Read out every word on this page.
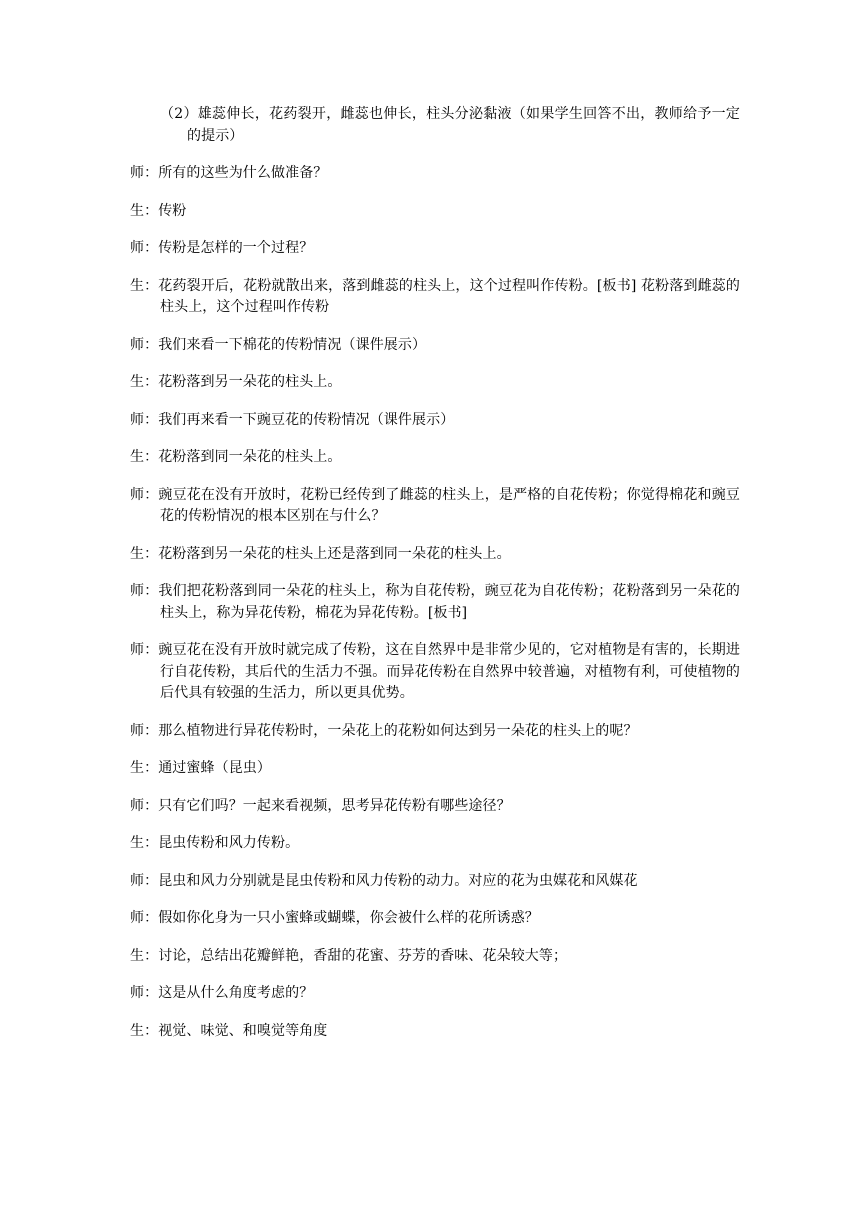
（2）雄蕊伸长，花药裂开，雌蕊也伸长，柱头分泌黏液（如果学生回答不出，教师给予一定的提示）

师：所有的这些为什么做准备？

生：传粉

师：传粉是怎样的一个过程？

生：花药裂开后，花粉就散出来，落到雌蕊的柱头上，这个过程叫作传粉。[板书] 花粉落到雌蕊的柱头上，这个过程叫作传粉

师：我们来看一下棉花的传粉情况（课件展示）

生：花粉落到另一朵花的柱头上。

师：我们再来看一下豌豆花的传粉情况（课件展示）

生：花粉落到同一朵花的柱头上。

师：豌豆花在没有开放时，花粉已经传到了雌蕊的柱头上，是严格的自花传粉；你觉得棉花和豌豆花的传粉情况的根本区别在与什么？

生：花粉落到另一朵花的柱头上还是落到同一朵花的柱头上。

师：我们把花粉落到同一朵花的柱头上，称为自花传粉，豌豆花为自花传粉；花粉落到另一朵花的柱头上，称为异花传粉，棉花为异花传粉。[板书]

师：豌豆花在没有开放时就完成了传粉，这在自然界中是非常少见的，它对植物是有害的，长期进行自花传粉，其后代的生活力不强。而异花传粉在自然界中较普遍，对植物有利，可使植物的后代具有较强的生活力，所以更具优势。

师：那么植物进行异花传粉时，一朵花上的花粉如何达到另一朵花的柱头上的呢？

生：通过蜜蜂（昆虫）

师：只有它们吗？一起来看视频，思考异花传粉有哪些途径？

生：昆虫传粉和风力传粉。

师：昆虫和风力分别就是昆虫传粉和风力传粉的动力。对应的花为虫媒花和风媒花

师：假如你化身为一只小蜜蜂或蝴蝶，你会被什么样的花所诱惑？

生：讨论，总结出花瓣鲜艳，香甜的花蜜、芬芳的香味、花朵较大等；

师：这是从什么角度考虑的？

生：视觉、味觉、和嗅觉等角度
